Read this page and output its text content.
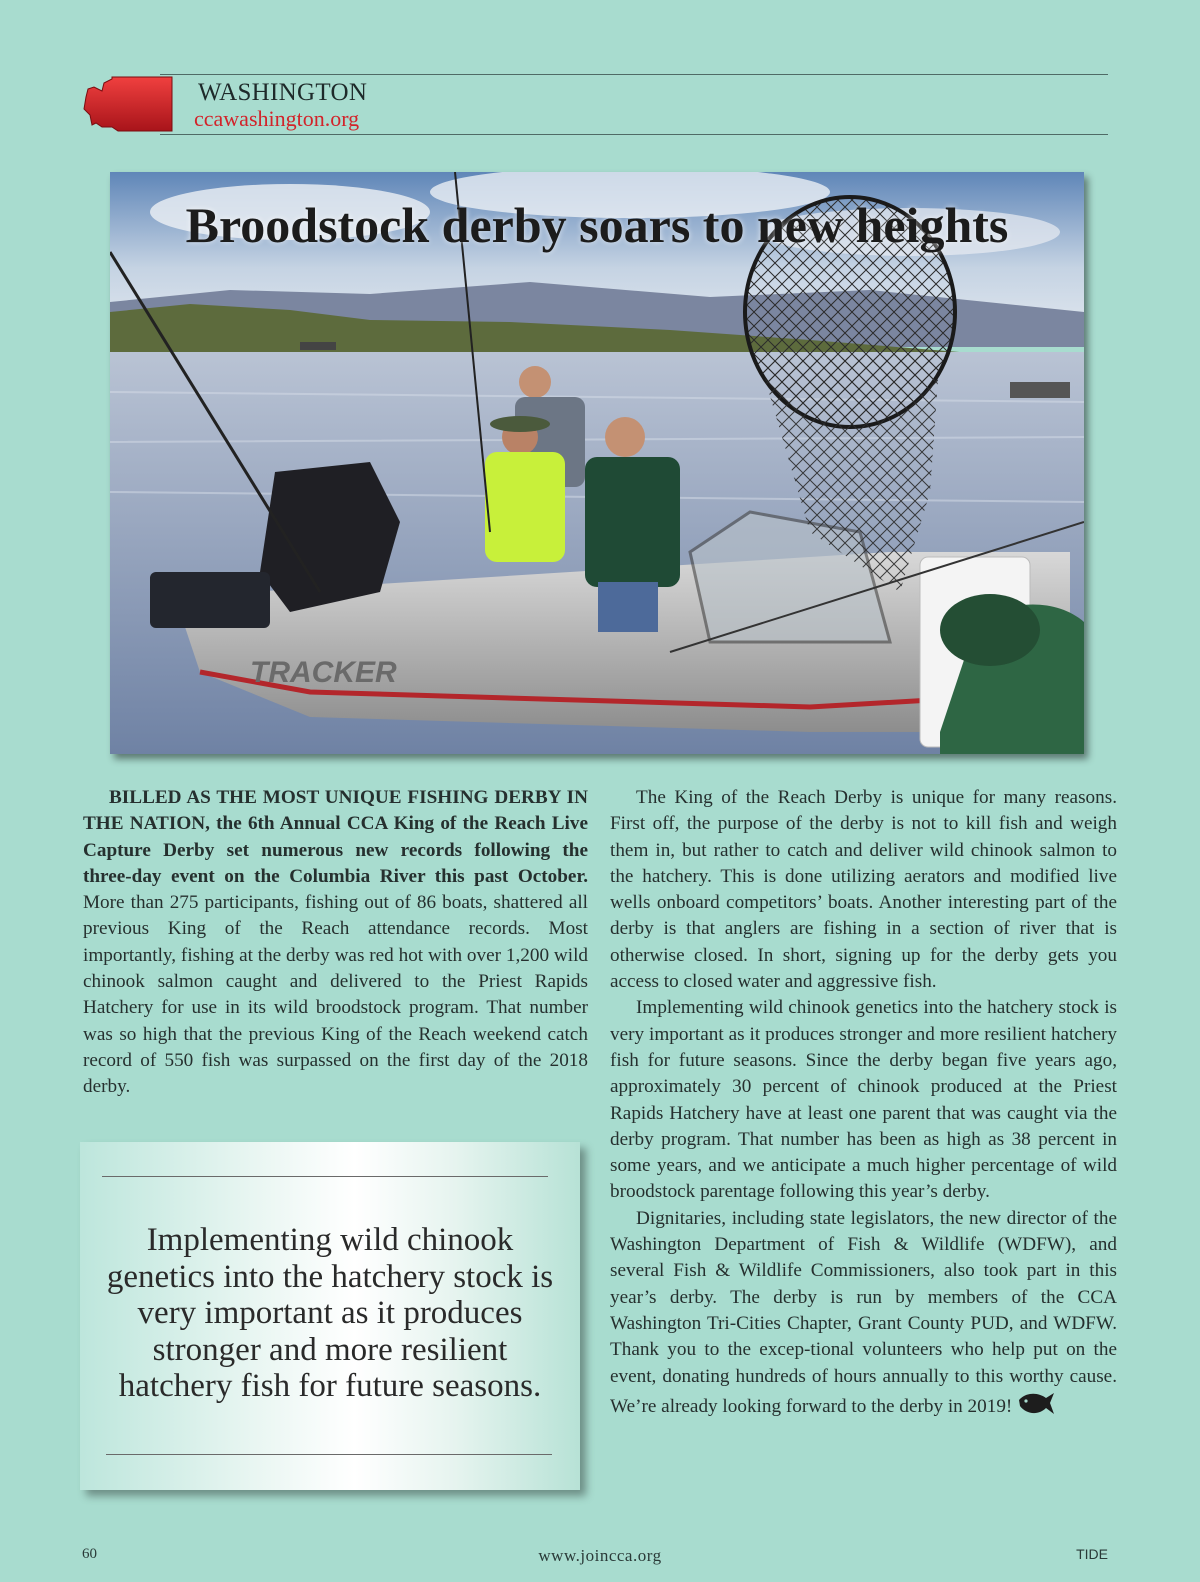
WASHINGTON
ccawashington.org
TRACKER
Broodstock derby soars to new heights

BILLED AS THE MOST UNIQUE FISHING DERBY IN THE NATION, the 6th Annual CCA King of the Reach Live Capture Derby set numerous new records following the three-day event on the Columbia River this past October. More than 275 participants, fishing out of 86 boats, shattered all previous King of the Reach attendance records. Most importantly, fishing at the derby was red hot with over 1,200 wild chinook salmon caught and delivered to the Priest Rapids Hatchery for use in its wild broodstock program. That number was so high that the previous King of the Reach weekend catch record of 550 fish was surpassed on the first day of the 2018 derby.

Implementing wild chinook genetics into the hatchery stock is very important as it produces stronger and more resilient hatchery fish for future seasons.

The King of the Reach Derby is unique for many reasons. First off, the purpose of the derby is not to kill fish and weigh them in, but rather to catch and deliver wild chinook salmon to the hatchery. This is done utilizing aerators and modified live wells onboard competitors’ boats. Another interesting part of the derby is that anglers are fishing in a section of river that is otherwise closed. In short, signing up for the derby gets you access to closed water and aggressive fish.

Implementing wild chinook genetics into the hatchery stock is very important as it produces stronger and more resilient hatchery fish for future seasons. Since the derby began five years ago, approximately 30 percent of chinook produced at the Priest Rapids Hatchery have at least one parent that was caught via the derby program. That number has been as high as 38 percent in some years, and we anticipate a much higher percentage of wild broodstock parentage following this year’s derby.

Dignitaries, including state legislators, the new director of the Washington Department of Fish & Wildlife (WDFW), and several Fish & Wildlife Commissioners, also took part in this year’s derby. The derby is run by members of the CCA Washington Tri-Cities Chapter, Grant County PUD, and WDFW. Thank you to the excep-tional volunteers who help put on the event, donating hundreds of hours annually to this worthy cause. We’re already looking forward to the derby in 2019!

60	www.joincca.org	TIDE
